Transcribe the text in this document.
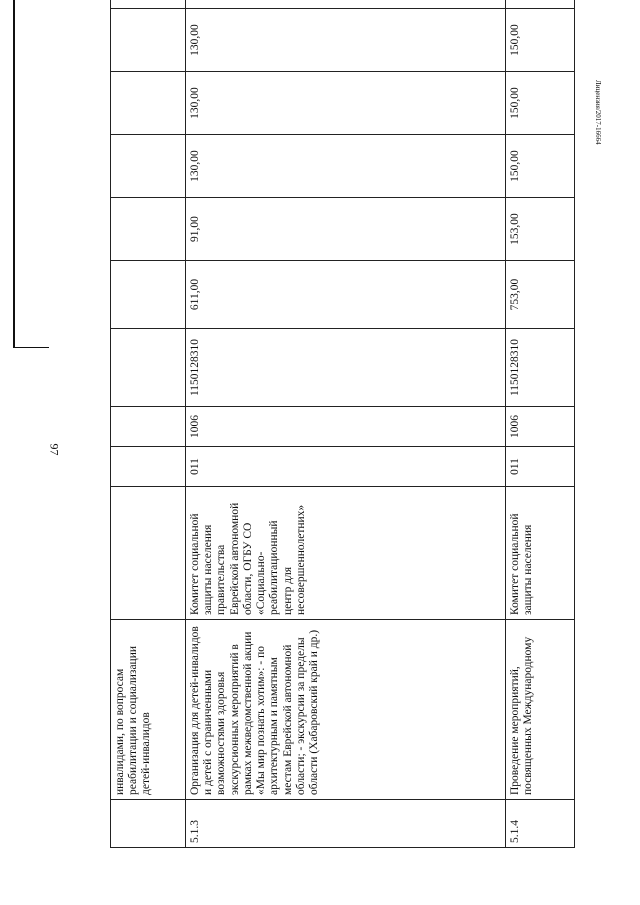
97
Лицензия/2017-16664
	инвалидами, по вопросам реабилитации и социализации детей-инвалидов										
5.1.3	Организация для детей-инвалидов и детей с ограниченными возможностями здоровья экскурсионных мероприятий в рамках межведомственной акции «Мы мир познать хотим»: - по архитектурным и памятным местам Еврейской автономной области; - экскурсии за пределы области (Хабаровский край и др.)	Комитет социальной защиты населения правительства Еврейской автономной области, ОГБУ СО «Социально-реабилитационный центр для несовершеннолетних»	011	1006	1150128310	611,00	91,00	130,00	130,00	130,00	
5.1.4	Проведение мероприятий, посвященных Международному	Комитет социальной защиты населения	011	1006	1150128310	753,00	153,00	150,00	150,00	150,00	
